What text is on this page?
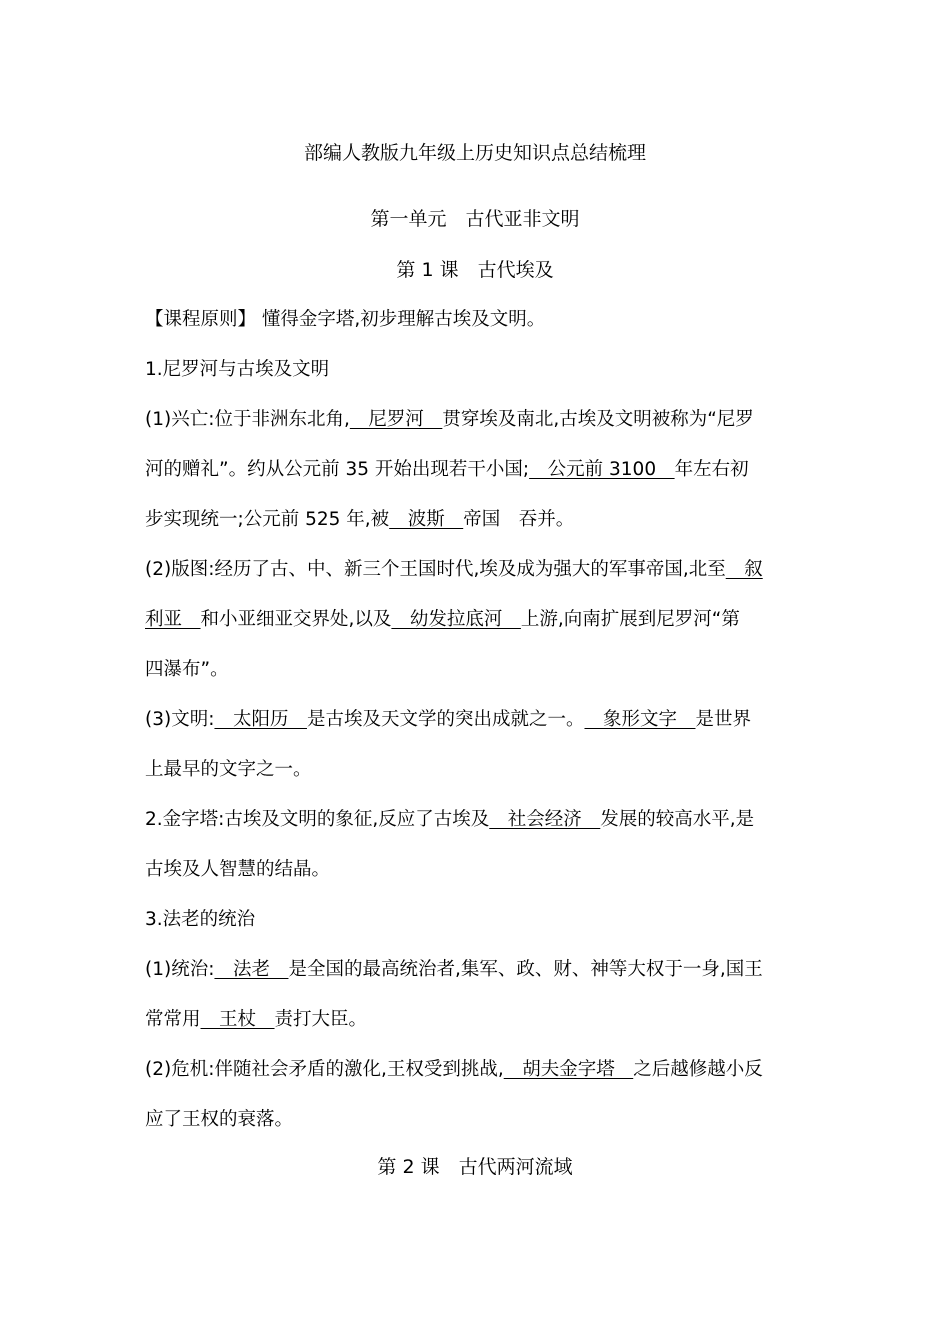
部编人教版九年级上历史知识点总结梳理
第一单元　古代亚非文明
第 1 课　古代埃及
【课程原则】 懂得金字塔,初步理解古埃及文明。
1.尼罗河与古埃及文明
(1)兴亡:位于非洲东北角,  尼罗河  贯穿埃及南北,古埃及文明被称为“尼罗
河的赠礼”。约从公元前 35 开始出现若干小国;  公元前 3100  年左右初
步实现统一;公元前 525 年,被  波斯  帝国　吞并。
(2)版图:经历了古、中、新三个王国时代,埃及成为强大的军事帝国,北至  叙
利亚  和小亚细亚交界处,以及  幼发拉底河  上游,向南扩展到尼罗河“第
四瀑布”。
(3)文明:  太阳历  是古埃及天文学的突出成就之一。  象形文字  是世界
上最早的文字之一。
2.金字塔:古埃及文明的象征,反应了古埃及  社会经济  发展的较高水平,是
古埃及人智慧的结晶。
3.法老的统治
(1)统治:  法老  是全国的最高统治者,集军、政、财、神等大权于一身,国王
常常用  王杖  责打大臣。
(2)危机:伴随社会矛盾的激化,王权受到挑战,  胡夫金字塔  之后越修越小反
应了王权的衰落。
第 2 课　古代两河流域
